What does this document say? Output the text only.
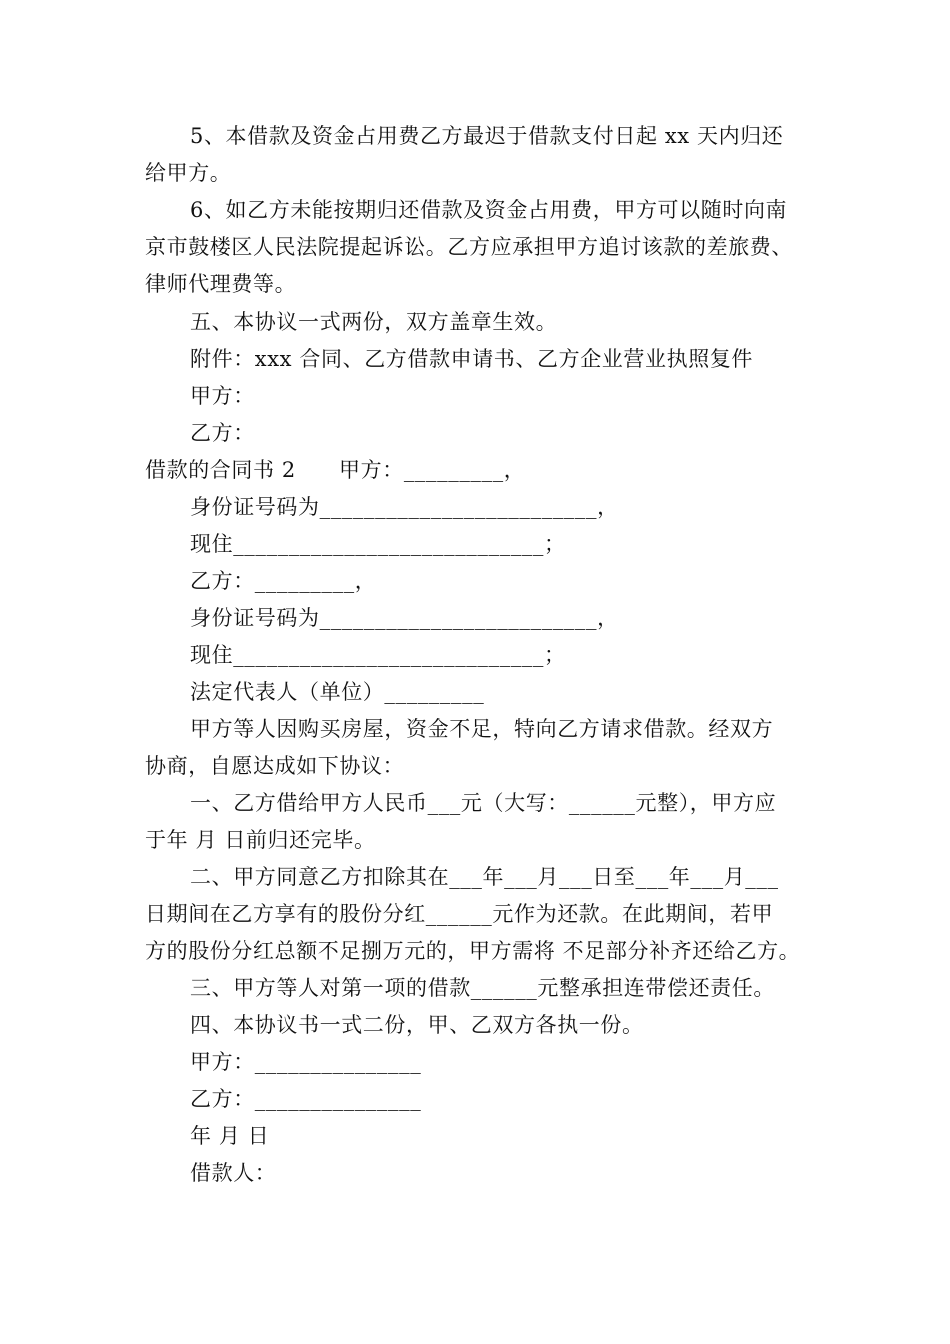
5、本借款及资金占用费乙方最迟于借款支付日起 xx 天内归还

给甲方。

6、如乙方未能按期归还借款及资金占用费，甲方可以随时向南

京市鼓楼区人民法院提起诉讼。乙方应承担甲方追讨该款的差旅费、

律师代理费等。

五、本协议一式两份，双方盖章生效。

附件：xxx 合同、乙方借款申请书、乙方企业营业执照复件

甲方：

乙方：

借款的合同书 2　　甲方：_________，

身份证号码为_________________________，

现住____________________________；

乙方：_________，

身份证号码为_________________________，

现住____________________________；

法定代表人（单位）_________

甲方等人因购买房屋，资金不足，特向乙方请求借款。经双方

协商，自愿达成如下协议：

一、乙方借给甲方人民币___元（大写：______元整），甲方应

于年 月 日前归还完毕。

二、甲方同意乙方扣除其在___年___月___日至___年___月___

日期间在乙方享有的股份分红______元作为还款。在此期间，若甲

方的股份分红总额不足捌万元的，甲方需将 不足部分补齐还给乙方。

三、甲方等人对第一项的借款______元整承担连带偿还责任。

四、本协议书一式二份，甲、乙双方各执一份。

甲方：_______________

乙方：_______________

年 月 日

借款人：
